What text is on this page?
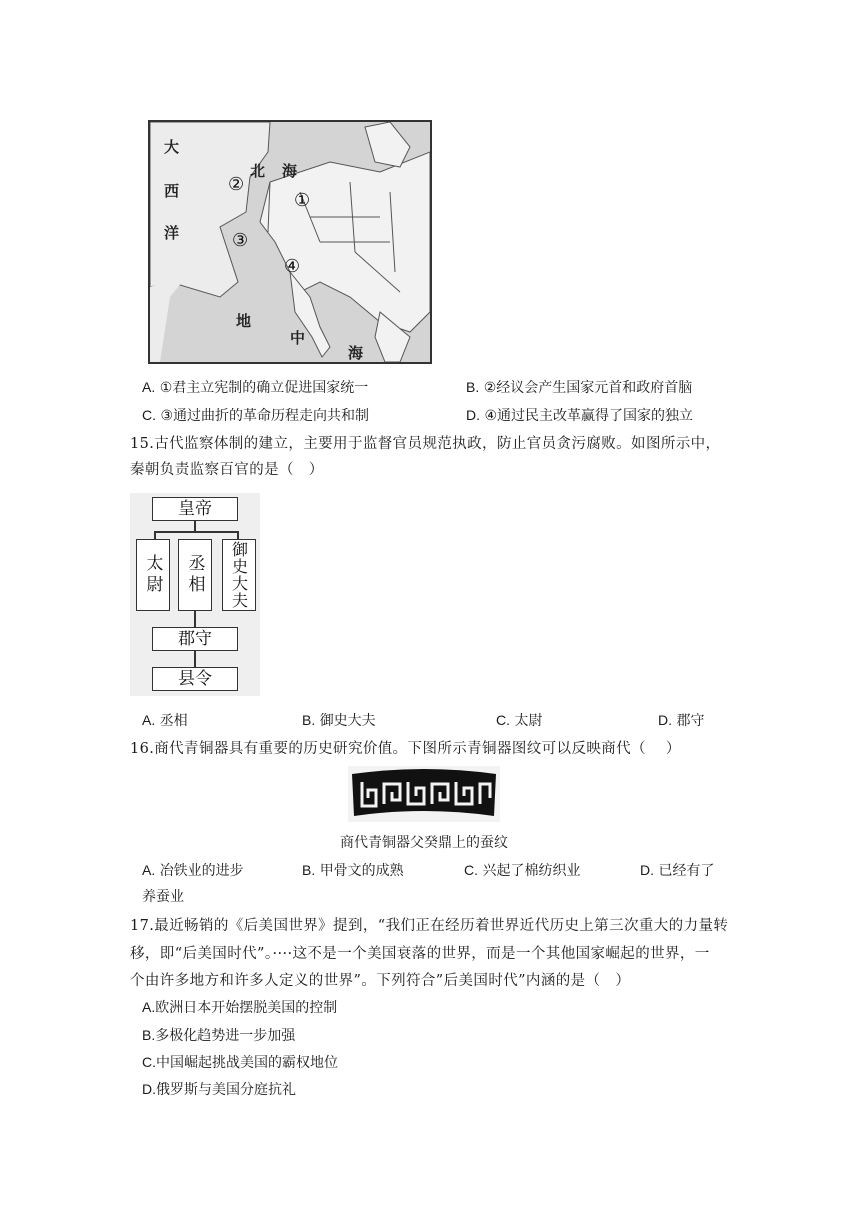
大
西
洋
北 海
地
中
海
①
②
③
④
A. ①君主立宪制的确立促进国家统一	B. ②经议会产生国家元首和政府首脑
C. ③通过曲折的革命历程走向共和制	D. ④通过民主改革赢得了国家的独立
15.古代监察体制的建立，主要用于监督官员规范执政，防止官员贪污腐败。如图所示中，
秦朝负责监察百官的是（　）
皇帝
太尉	丞相	御史大夫
郡守
县令
A. 丞相	B. 御史大夫	C. 太尉	D. 郡守
16.商代青铜器具有重要的历史研究价值。下图所示青铜器图纹可以反映商代（　 ）
商代青铜器父癸鼎上的蚕纹
A. 冶铁业的进步	B. 甲骨文的成熟	C. 兴起了棉纺织业	D. 已经有了
养蚕业
17.最近畅销的《后美国世界》提到，“我们正在经历着世界近代历史上第三次重大的力量转
移，即“后美国时代”。····这不是一个美国衰落的世界，而是一个其他国家崛起的世界，一
个由许多地方和许多人定义的世界”。下列符合”后美国时代”内涵的是（　）
A.欧洲日本开始摆脱美国的控制
B.多极化趋势进一步加强
C.中国崛起挑战美国的霸权地位
D.俄罗斯与美国分庭抗礼
